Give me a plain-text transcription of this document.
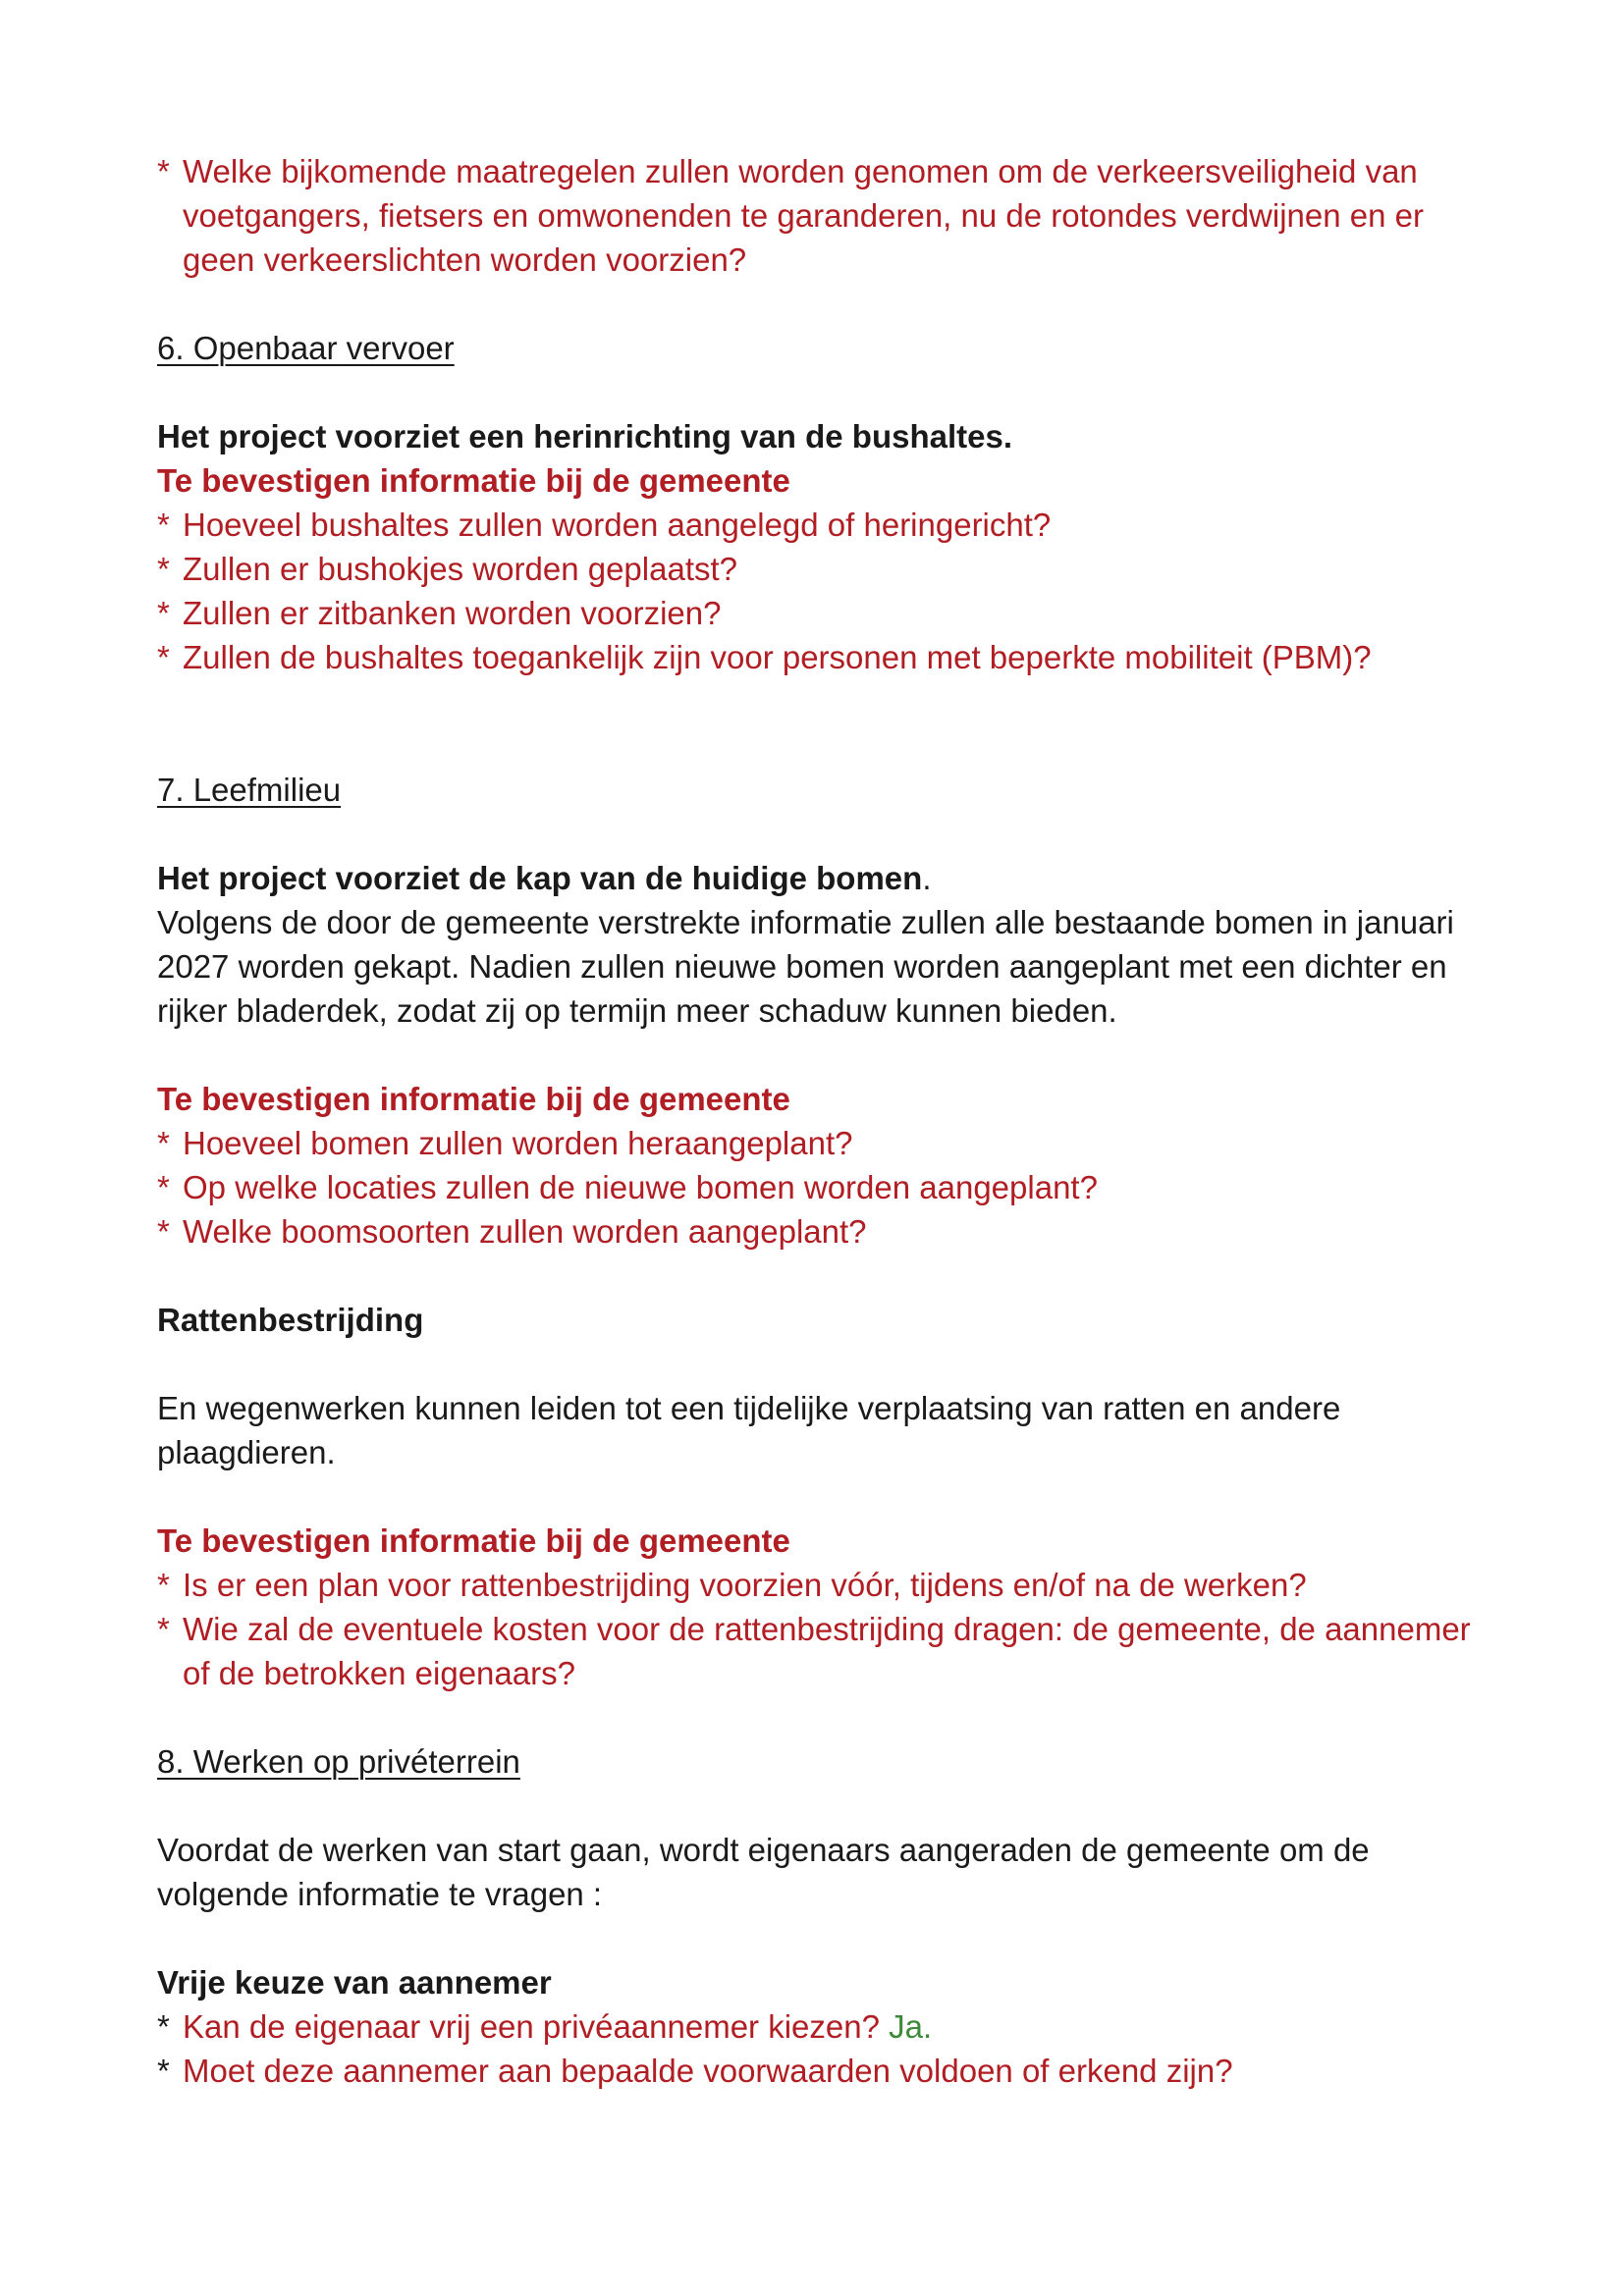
* Welke bijkomende maatregelen zullen worden genomen om de verkeersveiligheid van voetgangers, fietsers en omwonenden te garanderen, nu de rotondes verdwijnen en er geen verkeerslichten worden voorzien?
6. Openbaar vervoer
Het project voorziet een herinrichting van de bushaltes.
Te bevestigen informatie bij de gemeente
* Hoeveel bushaltes zullen worden aangelegd of heringericht?
* Zullen er bushokjes worden geplaatst?
* Zullen er zitbanken worden voorzien?
* Zullen de bushaltes toegankelijk zijn voor personen met beperkte mobiliteit (PBM)?
7. Leefmilieu
Het project voorziet de kap van de huidige bomen.
Volgens de door de gemeente verstrekte informatie zullen alle bestaande bomen in januari 2027 worden gekapt. Nadien zullen nieuwe bomen worden aangeplant met een dichter en rijker bladerdek, zodat zij op termijn meer schaduw kunnen bieden.
Te bevestigen informatie bij de gemeente
* Hoeveel bomen zullen worden heraangeplant?
* Op welke locaties zullen de nieuwe bomen worden aangeplant?
* Welke boomsoorten zullen worden aangeplant?
Rattenbestrijding
En wegenwerken kunnen leiden tot een tijdelijke verplaatsing van ratten en andere plaagdieren.
Te bevestigen informatie bij de gemeente
* Is er een plan voor rattenbestrijding voorzien vóór, tijdens en/of na de werken?
* Wie zal de eventuele kosten voor de rattenbestrijding dragen: de gemeente, de aannemer of de betrokken eigenaars?
8. Werken op privéterrein
Voordat de werken van start gaan, wordt eigenaars aangeraden de gemeente om de volgende informatie te vragen :
Vrije keuze van aannemer
* Kan de eigenaar vrij een privéaannemer kiezen? Ja.
* Moet deze aannemer aan bepaalde voorwaarden voldoen of erkend zijn?
